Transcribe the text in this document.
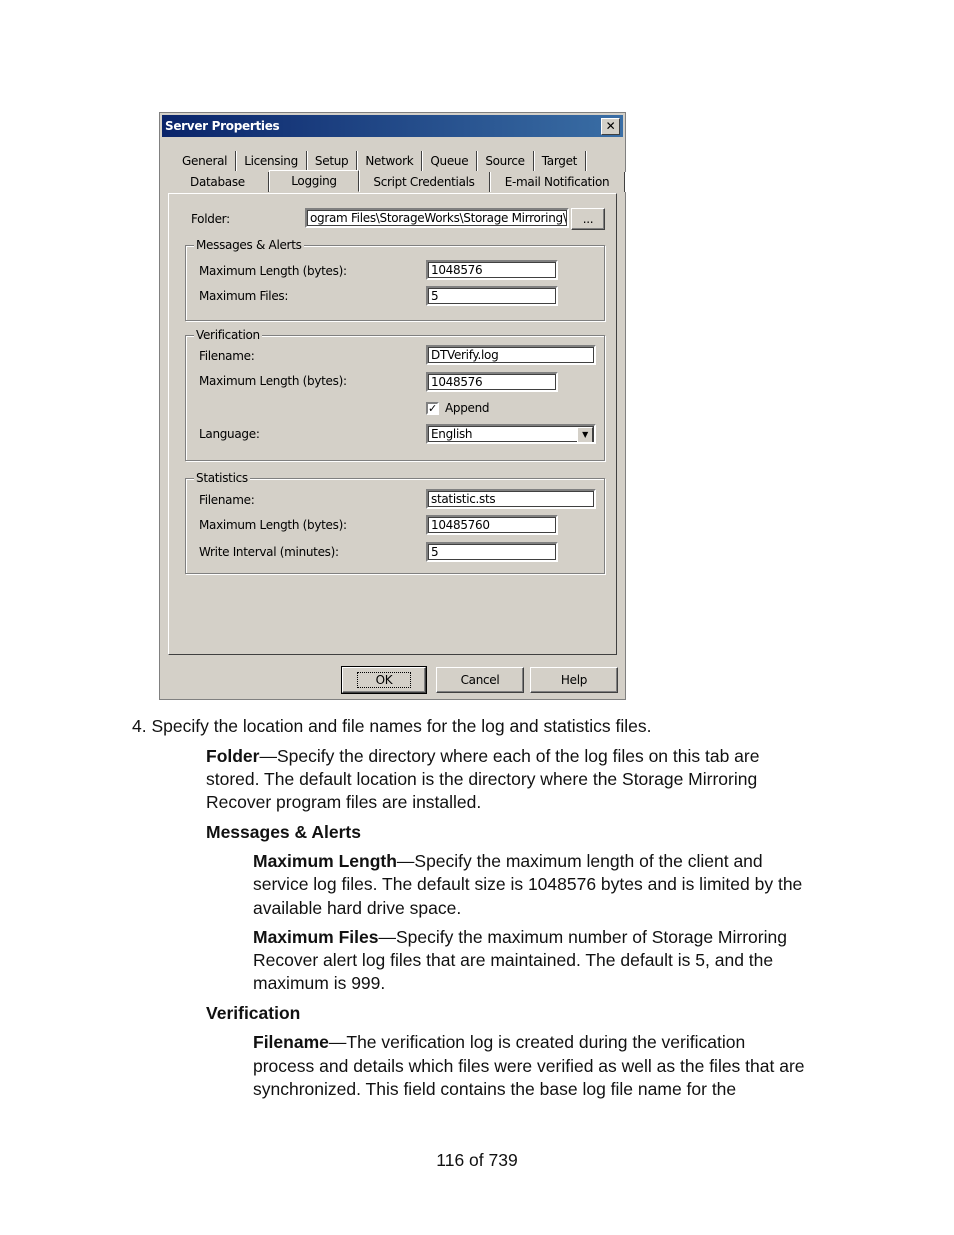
Server Properties	✕
General	Licensing	Setup	Network	Queue	Source	Target
Database	Logging	Script Credentials	E-mail Notification
Folder:	ogram Files\StorageWorks\Storage Mirroring\	...
Messages & Alerts
Maximum Length (bytes):	1048576
Maximum Files:	5
Verification
Filename:	DTVerify.log
Maximum Length (bytes):	1048576
✓ Append
Language:	English	▼
Statistics
Filename:	statistic.sts
Maximum Length (bytes):	10485760
Write Interval (minutes):	5
OK	Cancel	Help
4. Specify the location and file names for the log and statistics files.
Folder—Specify the directory where each of the log files on this tab are
stored. The default location is the directory where the Storage Mirroring
Recover program files are installed.
Messages & Alerts
Maximum Length—Specify the maximum length of the client and
service log files. The default size is 1048576 bytes and is limited by the
available hard drive space.
Maximum Files—Specify the maximum number of Storage Mirroring
Recover alert log files that are maintained. The default is 5, and the
maximum is 999.
Verification
Filename—The verification log is created during the verification
process and details which files were verified as well as the files that are
synchronized. This field contains the base log file name for the
116 of 739
